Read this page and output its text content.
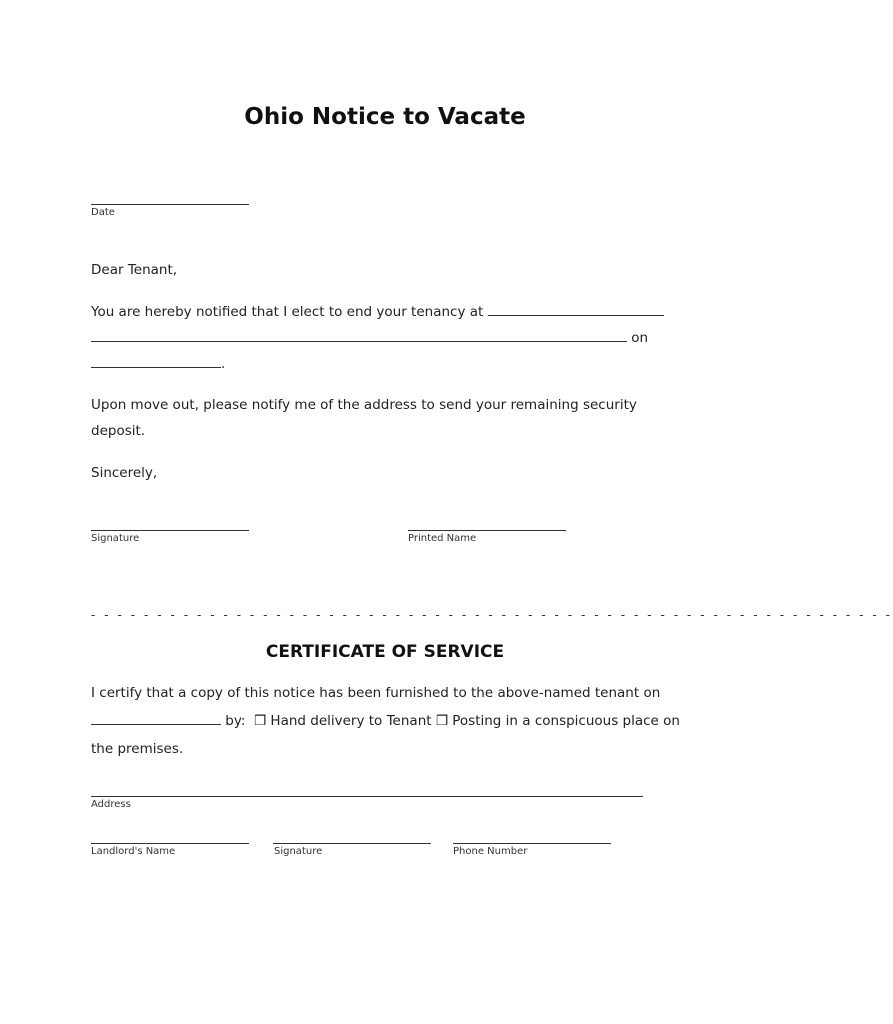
Ohio Notice to Vacate

Date

Dear Tenant,

You are hereby notified that I elect to end your tenancy at
on
.

Upon move out, please notify me of the address to send your remaining security deposit.

Sincerely,

Signature	Printed Name

- - - - - - - - - - - - - - - - - - - - - - - - - - - - - - - - - - - - - - - - - - - - - - - - - - - - - - - - - - - - -

CERTIFICATE OF SERVICE

I certify that a copy of this notice has been furnished to the above-named tenant on
by: ❒ Hand delivery to Tenant ❒ Posting in a conspicuous place on the premises.

Address

Landlord's Name	Signature	Phone Number
